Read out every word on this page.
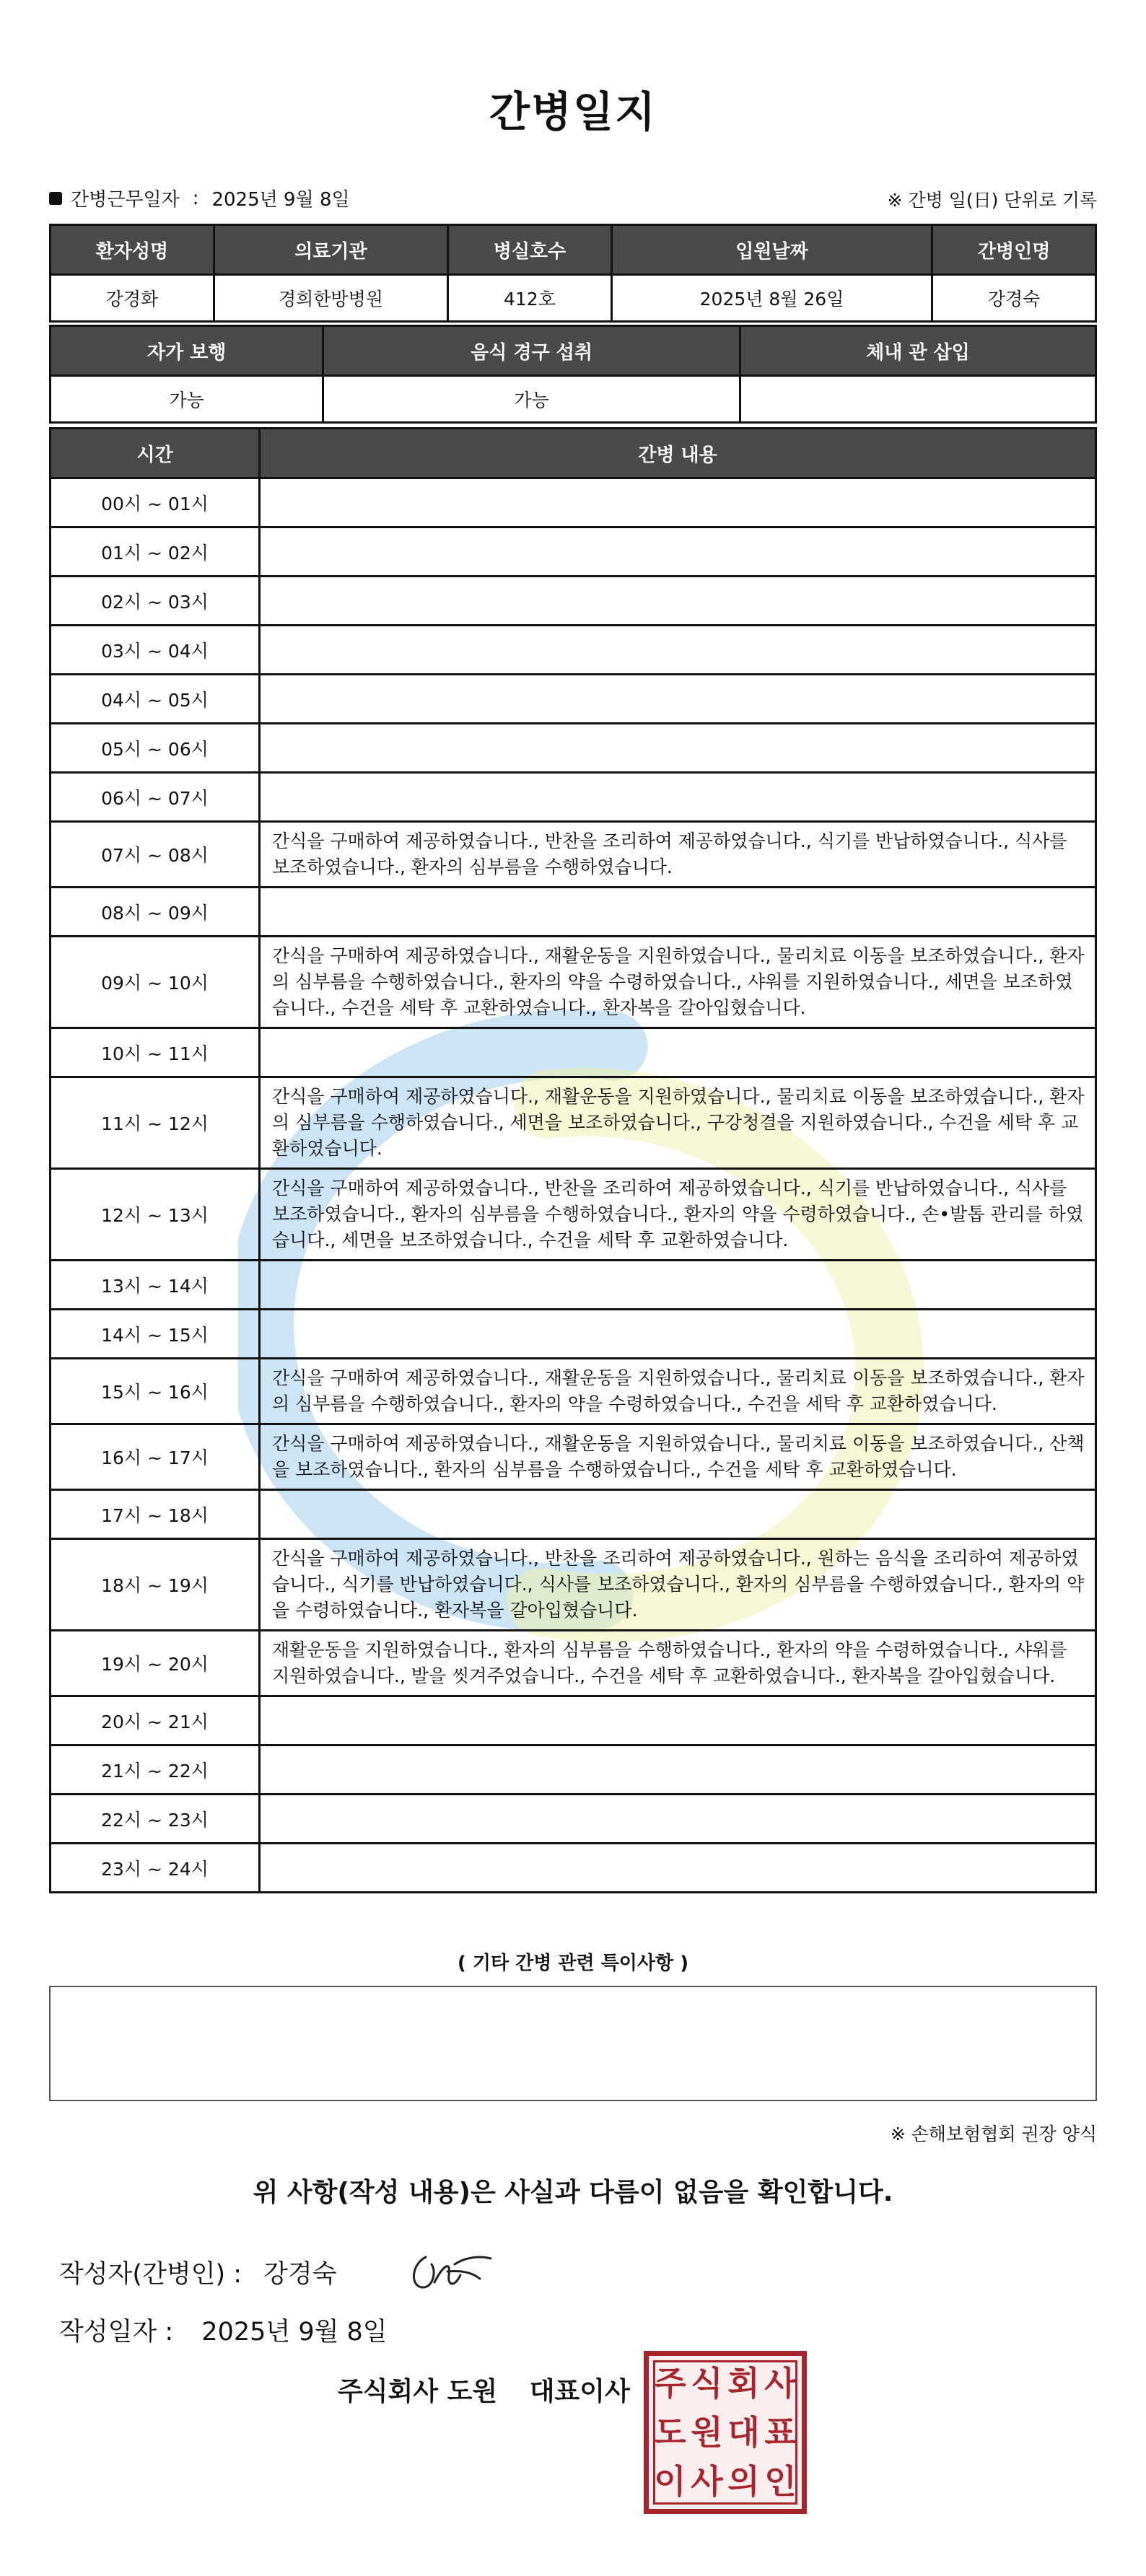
간병일지
간병근무일자 : 2025년 9월 8일	※ 간병 일(日) 단위로 기록
환자성명	의료기관	병실호수	입원날짜	간병인명
강경화	경희한방병원	412호	2025년 8월 26일	강경숙
자가 보행	음식 경구 섭취	체내 관 삽입
가능	가능	
시간	간병 내용
00시 ~ 01시	
01시 ~ 02시	
02시 ~ 03시	
03시 ~ 04시	
04시 ~ 05시	
05시 ~ 06시	
06시 ~ 07시	
07시 ~ 08시	간식을 구매하여 제공하였습니다., 반찬을 조리하여 제공하였습니다., 식기를 반납하였습니다., 식사를 보조하였습니다., 환자의 심부름을 수행하였습니다.
08시 ~ 09시	
09시 ~ 10시	간식을 구매하여 제공하였습니다., 재활운동을 지원하였습니다., 물리치료 이동을 보조하였습니다., 환자의 심부름을 수행하였습니다., 환자의 약을 수령하였습니다., 샤워를 지원하였습니다., 세면을 보조하였습니다., 수건을 세탁 후 교환하였습니다., 환자복을 갈아입혔습니다.
10시 ~ 11시	
11시 ~ 12시	간식을 구매하여 제공하였습니다., 재활운동을 지원하였습니다., 물리치료 이동을 보조하였습니다., 환자의 심부름을 수행하였습니다., 세면을 보조하였습니다., 구강청결을 지원하였습니다., 수건을 세탁 후 교환하였습니다.
12시 ~ 13시	간식을 구매하여 제공하였습니다., 반찬을 조리하여 제공하였습니다., 식기를 반납하였습니다., 식사를 보조하였습니다., 환자의 심부름을 수행하였습니다., 환자의 약을 수령하였습니다., 손•발톱 관리를 하였습니다., 세면을 보조하였습니다., 수건을 세탁 후 교환하였습니다.
13시 ~ 14시	
14시 ~ 15시	
15시 ~ 16시	간식을 구매하여 제공하였습니다., 재활운동을 지원하였습니다., 물리치료 이동을 보조하였습니다., 환자의 심부름을 수행하였습니다., 환자의 약을 수령하였습니다., 수건을 세탁 후 교환하였습니다.
16시 ~ 17시	간식을 구매하여 제공하였습니다., 재활운동을 지원하였습니다., 물리치료 이동을 보조하였습니다., 산책을 보조하였습니다., 환자의 심부름을 수행하였습니다., 수건을 세탁 후 교환하였습니다.
17시 ~ 18시	
18시 ~ 19시	간식을 구매하여 제공하였습니다., 반찬을 조리하여 제공하였습니다., 원하는 음식을 조리하여 제공하였습니다., 식기를 반납하였습니다., 식사를 보조하였습니다., 환자의 심부름을 수행하였습니다., 환자의 약을 수령하였습니다., 환자복을 갈아입혔습니다.
19시 ~ 20시	재활운동을 지원하였습니다., 환자의 심부름을 수행하였습니다., 환자의 약을 수령하였습니다., 샤워를 지원하였습니다., 발을 씻겨주었습니다., 수건을 세탁 후 교환하였습니다., 환자복을 갈아입혔습니다.
20시 ~ 21시	
21시 ~ 22시	
22시 ~ 23시	
23시 ~ 24시	
( 기타 간병 관련 특이사항 )
※ 손해보험협회 권장 양식
위 사항(작성 내용)은 사실과 다름이 없음을 확인합니다.
작성자(간병인) : 강경숙
작성일자 : 2025년 9월 8일
주식회사 도원 대표이사 주 식 회 사
도 원 대 표
이 사 의 인
